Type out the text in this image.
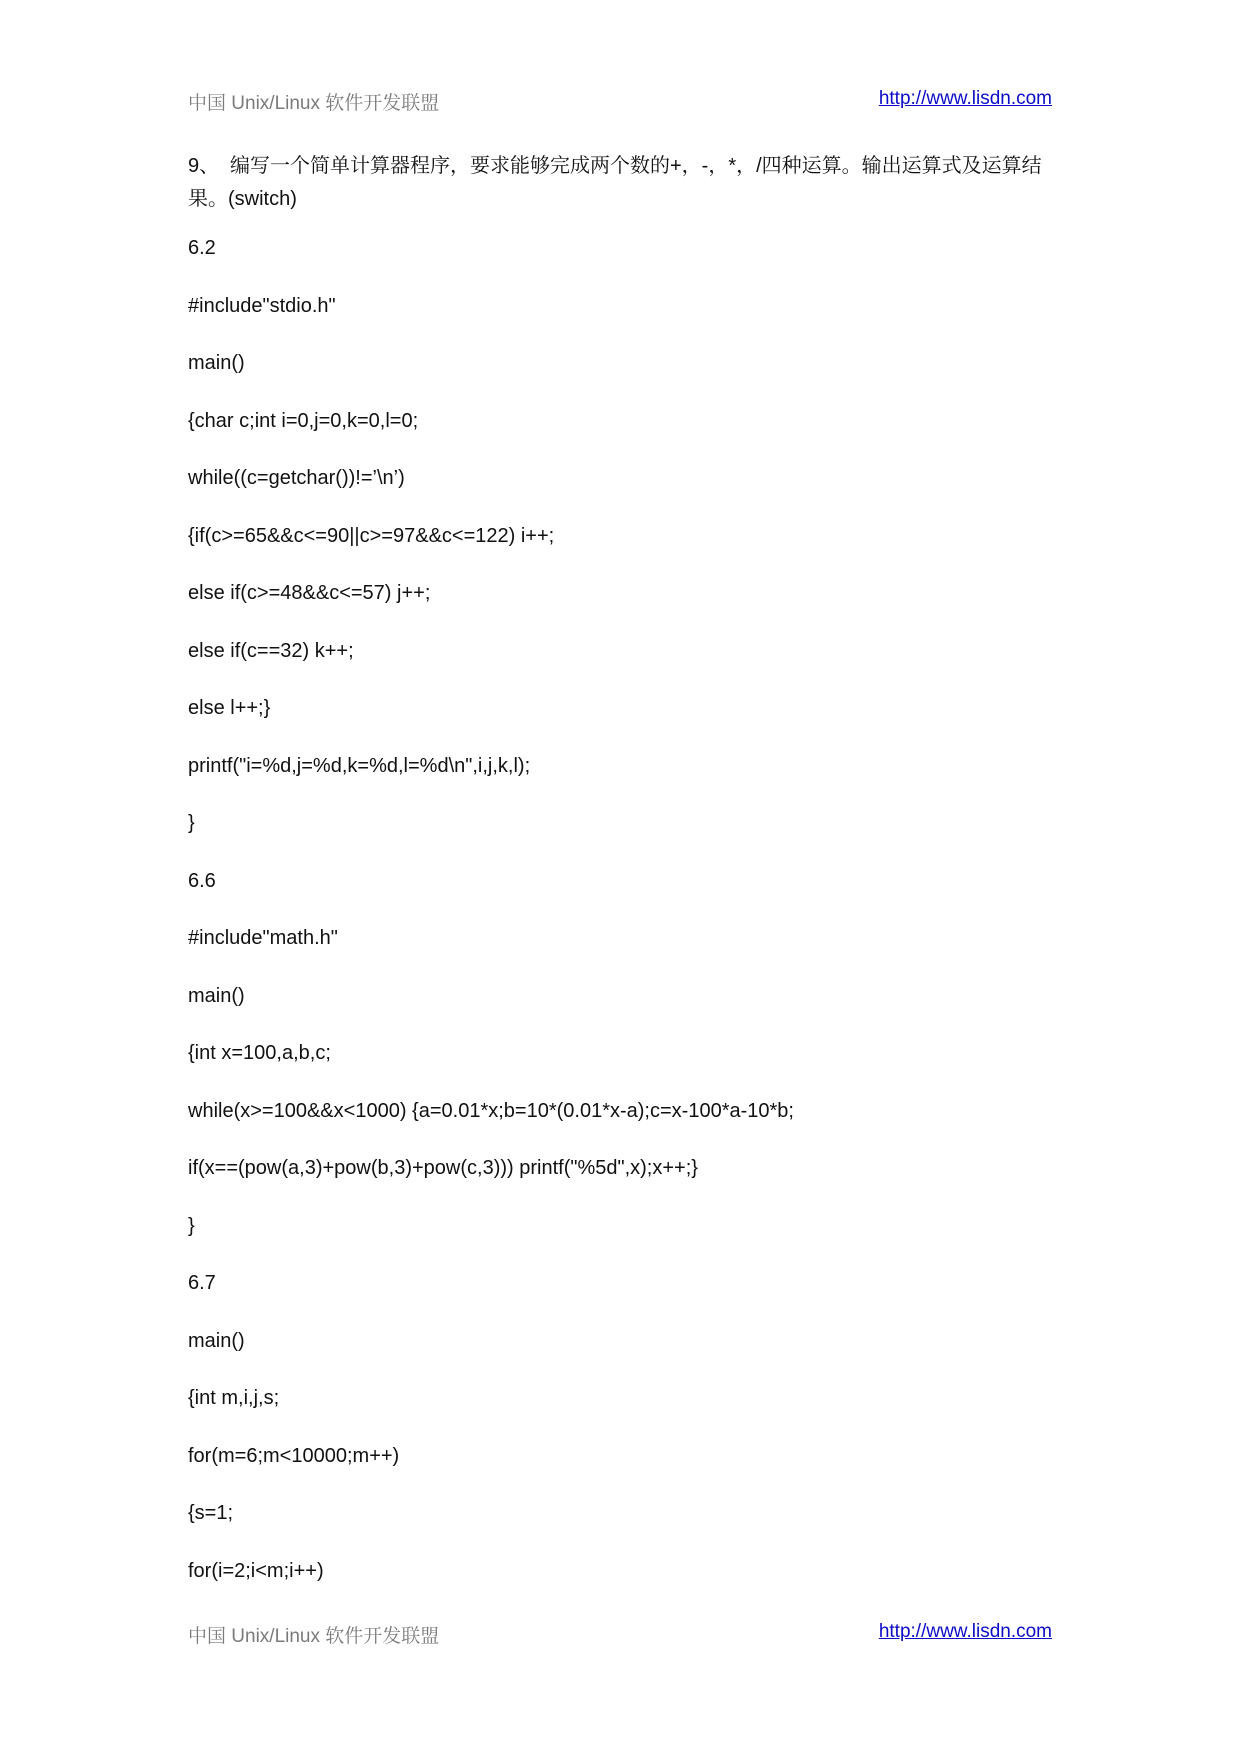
中国 Unix/Linux 软件开发联盟	http://www.lisdn.com

9、 编写一个简单计算器程序，要求能够完成两个数的+，-，*，/四种运算。输出运算式及运算结果。(switch)

6.2
#include"stdio.h"
main()
{char c;int i=0,j=0,k=0,l=0;
while((c=getchar())!=’\n’)
{if(c>=65&&c<=90||c>=97&&c<=122) i++;
else if(c>=48&&c<=57) j++;
else if(c==32) k++;
else l++;}
printf("i=%d,j=%d,k=%d,l=%d\n",i,j,k,l);
}
6.6
#include"math.h"
main()
{int x=100,a,b,c;
while(x>=100&&x<1000) {a=0.01*x;b=10*(0.01*x-a);c=x-100*a-10*b;
if(x==(pow(a,3)+pow(b,3)+pow(c,3))) printf("%5d",x);x++;}
}
6.7
main()
{int m,i,j,s;
for(m=6;m<10000;m++)
{s=1;
for(i=2;i<m;i++)
中国 Unix/Linux 软件开发联盟	http://www.lisdn.com
